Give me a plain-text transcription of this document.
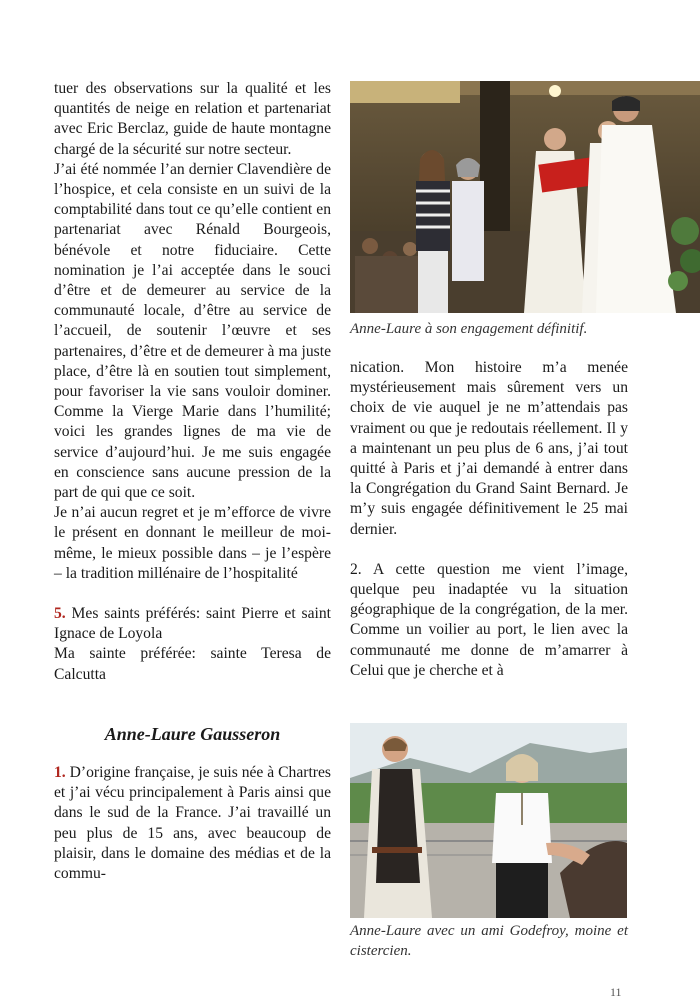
tuer des observations sur la qualité et les quantités de neige en relation et partenariat avec Eric Berclaz, guide de haute montagne chargé de la sécurité sur notre secteur.

J’ai été nommée l’an dernier Clavendière de l’hospice, et cela consiste en un suivi de la comptabilité dans tout ce qu’elle contient en partenariat avec Rénald Bourgeois, bénévole et notre fiduciaire. Cette nomination je l’ai acceptée dans le souci d’être et de demeurer au service de la communauté locale, d’être au service de l’accueil, de soutenir l’œuvre et ses partenaires, d’être et de demeurer à ma juste place, d’être là en soutien tout simplement, pour favoriser la vie sans vouloir dominer. Comme la Vierge Marie dans l’humilité; voici les grandes lignes de ma vie de service d’aujourd’hui. Je me suis engagée en conscience sans aucune pression de la part de qui que ce soit.

Je n’ai aucun regret et je m’efforce de vivre le présent en donnant le meilleur de moi-même, le mieux possible dans – je l’espère – la tradition millénaire de l’hospitalité

5. Mes saints préférés: saint Pierre et saint Ignace de Loyola

Ma sainte préférée: sainte Teresa de Calcutta

Anne-Laure Gausseron

1. D’origine française, je suis née à Chartres et j’ai vécu principalement à Paris ainsi que dans le sud de la France. J’ai travaillé un peu plus de 15 ans, avec beaucoup de plaisir, dans le domaine des médias et de la commu-

Anne-Laure à son engagement définitif.

nication. Mon histoire m’a menée mystérieusement mais sûrement vers un choix de vie auquel je ne m’attendais pas vraiment ou que je redoutais réellement. Il y a maintenant un peu plus de 6 ans, j’ai tout quitté à Paris et j’ai demandé à entrer dans la Congrégation du Grand Saint Bernard. Je m’y suis engagée définitivement le 25 mai dernier.

2. A cette question me vient l’image, quelque peu inadaptée vu la situation géographique de la congrégation, de la mer. Comme un voilier au port, le lien avec la communauté me donne de m’amarrer à Celui que je cherche et à

Anne-Laure avec un ami Godefroy, moine et cistercien.
11
